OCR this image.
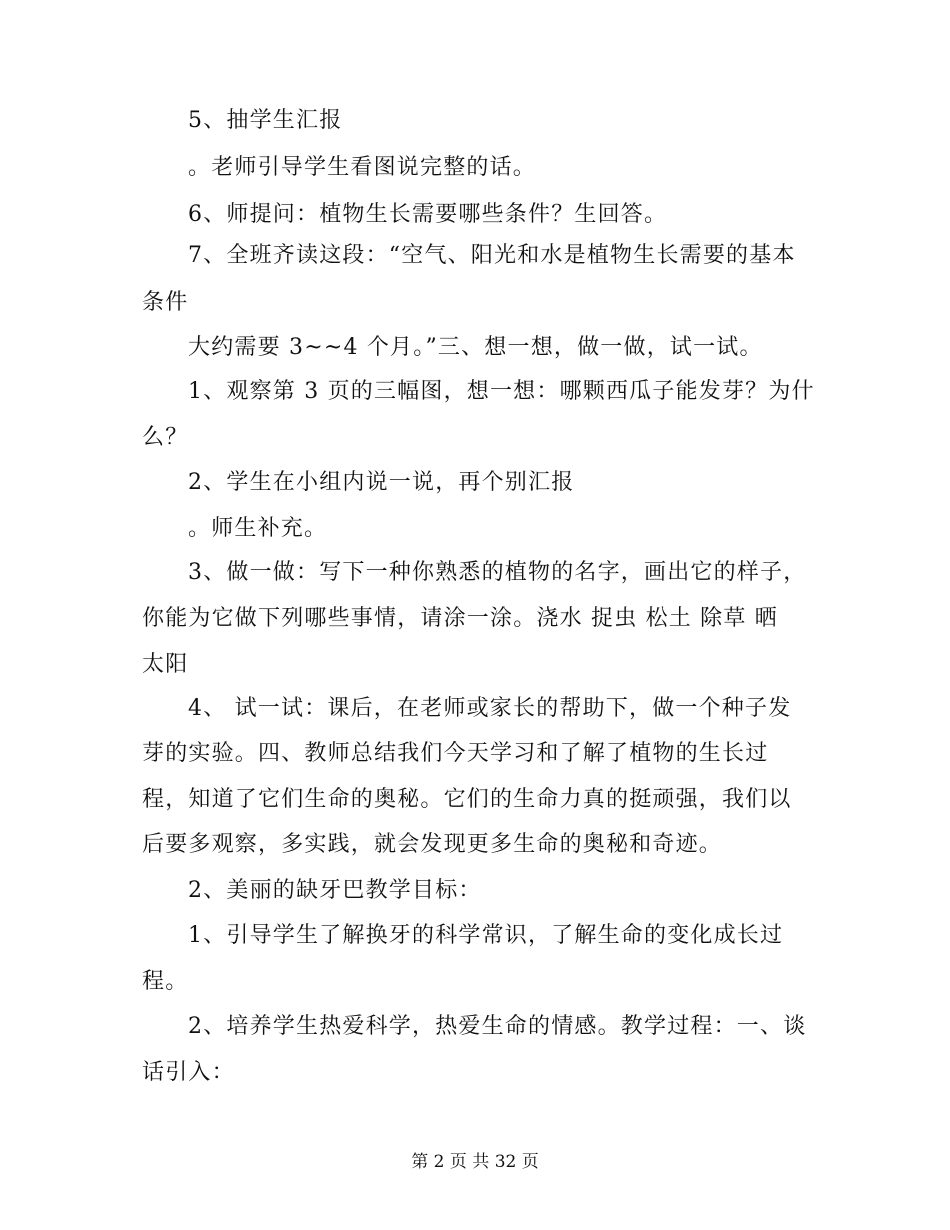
5、抽学生汇报
。老师引导学生看图说完整的话。
6、师提问：植物生长需要哪些条件？生回答。
7、全班齐读这段：“空气、阳光和水是植物生长需要的基本
条件
大约需要 3~~4 个月。”三、想一想，做一做，试一试。
1、观察第 3 页的三幅图，想一想：哪颗西瓜子能发芽？为什
么？
2、学生在小组内说一说，再个别汇报
。师生补充。
3、做一做：写下一种你熟悉的植物的名字，画出它的样子，
你能为它做下列哪些事情，请涂一涂。浇水 捉虫 松土 除草 晒
太阳
4、 试一试：课后，在老师或家长的帮助下，做一个种子发
芽的实验。四、教师总结我们今天学习和了解了植物的生长过
程，知道了它们生命的奥秘。它们的生命力真的挺顽强，我们以
后要多观察，多实践，就会发现更多生命的奥秘和奇迹。
2、美丽的缺牙巴教学目标：
1、引导学生了解换牙的科学常识，了解生命的变化成长过
程。
2、培养学生热爱科学，热爱生命的情感。教学过程：一、谈
话引入：
第 2 页 共 32 页
